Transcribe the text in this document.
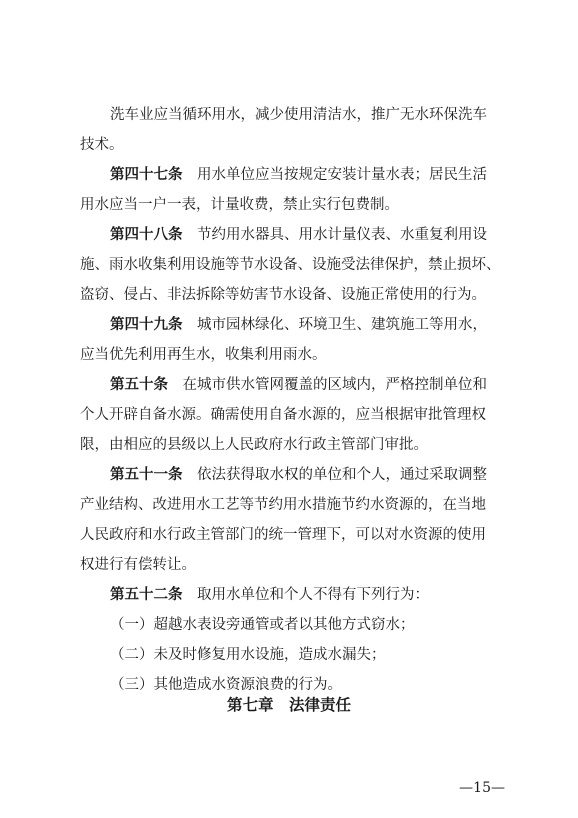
洗车业应当循环用水，减少使用清洁水，推广无水环保洗车
技术。
第四十七条　 用水单位应当按规定安装计量水表；居民生活
用水应当一户一表，计量收费，禁止实行包费制。
第四十八条　 节约用水器具、用水计量仪表、水重复利用设
施、雨水收集利用设施等节水设备、设施受法律保护，禁止损坏、
盗窃、侵占、非法拆除等妨害节水设备、设施正常使用的行为。
第四十九条　 城市园林绿化、环境卫生、建筑施工等用水，
应当优先利用再生水，收集利用雨水。
第五十条　 在城市供水管网覆盖的区域内，严格控制单位和
个人开辟自备水源。确需使用自备水源的，应当根据审批管理权
限，由相应的县级以上人民政府水行政主管部门审批。
第五十一条　 依法获得取水权的单位和个人，通过采取调整
产业结构、改进用水工艺等节约用水措施节约水资源的，在当地
人民政府和水行政主管部门的统一管理下，可以对水资源的使用
权进行有偿转让。
第五十二条　 取用水单位和个人不得有下列行为：
（一）超越水表设旁通管或者以其他方式窃水；
（二）未及时修复用水设施，造成水漏失；
（三）其他造成水资源浪费的行为。
第七章　法律责任
—15—
